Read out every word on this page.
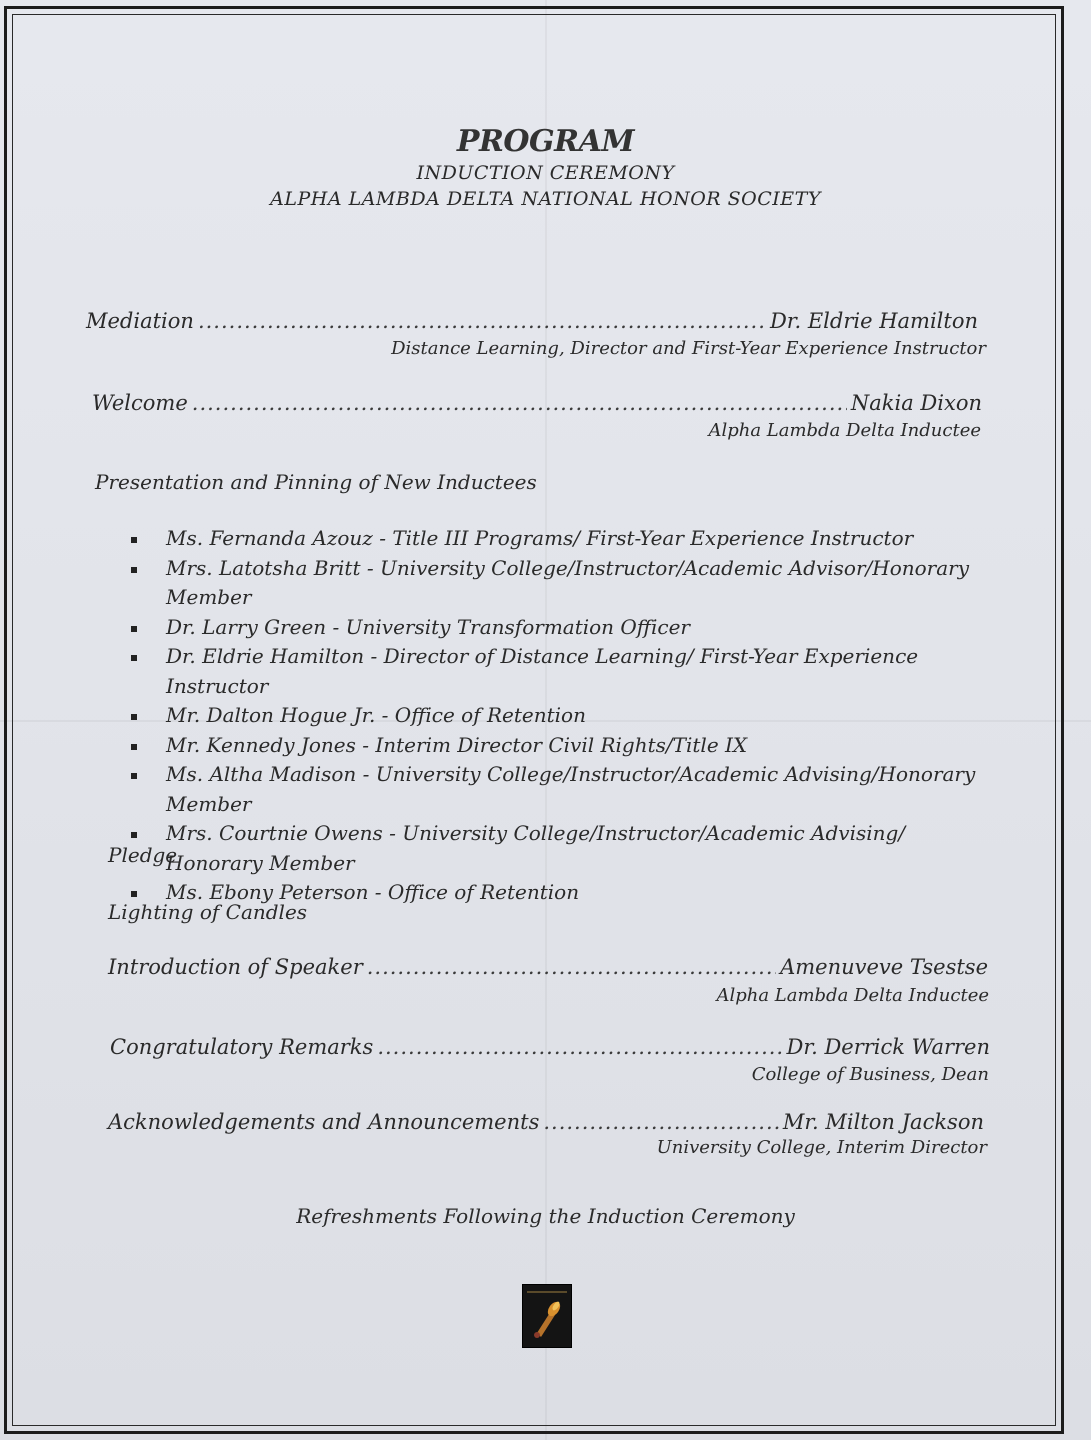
PROGRAM
INDUCTION CEREMONY
ALPHA LAMBDA DELTA NATIONAL HONOR SOCIETY
Mediation .....	Dr. Eldrie Hamilton
Distance Learning, Director and First-Year Experience Instructor
Welcome .....	Nakia Dixon
Alpha Lambda Delta Inductee
Presentation and Pinning of New Inductees
Ms. Fernanda Azouz - Title III Programs/ First-Year Experience Instructor
Mrs. Latotsha Britt - University College/Instructor/Academic Advisor/Honorary Member
Dr. Larry Green - University Transformation Officer
Dr. Eldrie Hamilton - Director of Distance Learning/ First-Year Experience Instructor
Mr. Dalton Hogue Jr. - Office of Retention
Mr. Kennedy Jones - Interim Director Civil Rights/Title IX
Ms. Altha Madison - University College/Instructor/Academic Advising/Honorary Member
Mrs. Courtnie Owens - University College/Instructor/Academic Advising/ Honorary Member
Ms. Ebony Peterson - Office of Retention
Pledge
Lighting of Candles
Introduction of Speaker .....	Amenuveve Tsestse
Alpha Lambda Delta Inductee
Congratulatory Remarks .....	Dr. Derrick Warren
College of Business, Dean
Acknowledgements and Announcements .....	Mr. Milton Jackson
University College, Interim Director
Refreshments Following the Induction Ceremony
